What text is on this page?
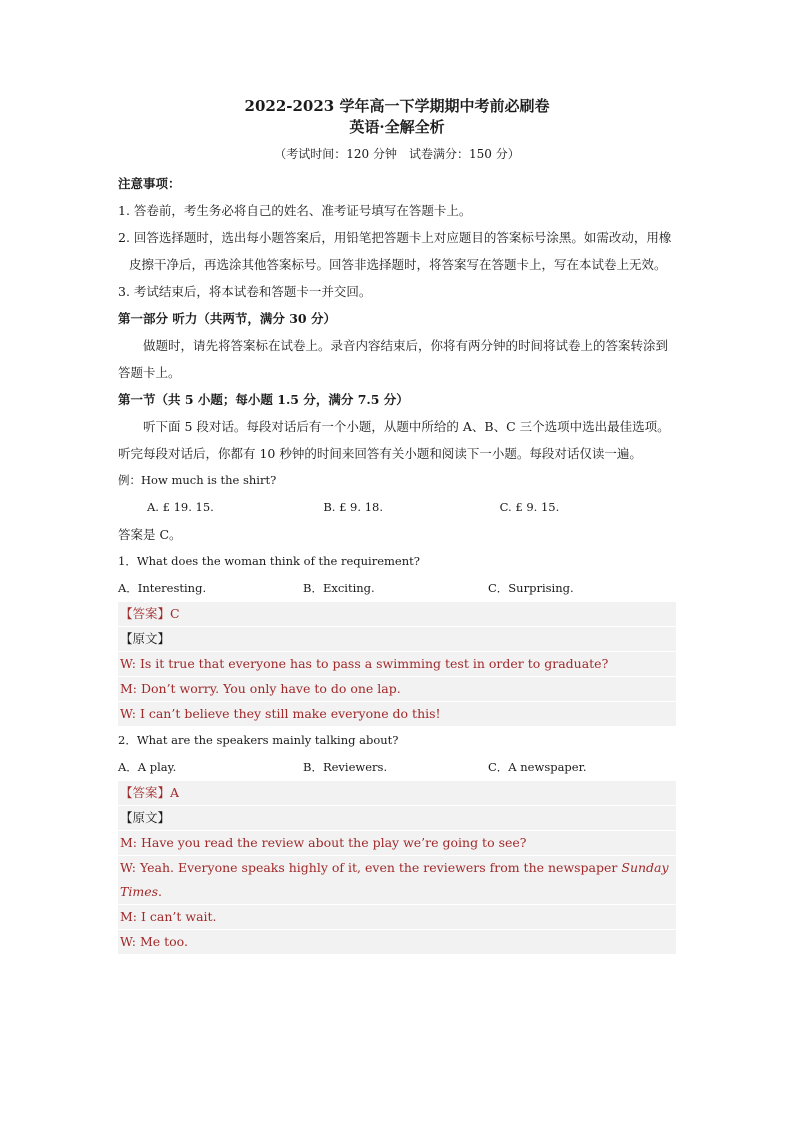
2022-2023 学年高一下学期期中考前必刷卷

英语·全解全析

（考试时间：120 分钟　试卷满分：150 分）

注意事项：

1. 答卷前，考生务必将自己的姓名、准考证号填写在答题卡上。

2. 回答选择题时，选出每小题答案后，用铅笔把答题卡上对应题目的答案标号涂黑。如需改动，用橡皮擦干净后，再选涂其他答案标号。回答非选择题时，将答案写在答题卡上，写在本试卷上无效。

3. 考试结束后，将本试卷和答题卡一并交回。

第一部分 听力（共两节，满分 30 分）

做题时，请先将答案标在试卷上。录音内容结束后，你将有两分钟的时间将试卷上的答案转涂到答题卡上。

第一节（共 5 小题；每小题 1.5 分，满分 7.5 分）

听下面 5 段对话。每段对话后有一个小题，从题中所给的 A、B、C 三个选项中选出最佳选项。听完每段对话后，你都有 10 秒钟的时间来回答有关小题和阅读下一小题。每段对话仅读一遍。

例：How much is the shirt?

A. £ 19. 15.	B. £ 9. 18.	C. £ 9. 15.

答案是 C。

1．What does the woman think of the requirement?

A．Interesting.	B．Exciting.	C．Surprising.
【答案】C
【原文】
W: Is it true that everyone has to pass a swimming test in order to graduate?
M: Don’t worry. You only have to do one lap.
W: I can’t believe they still make everyone do this!

2．What are the speakers mainly talking about?

A．A play.	B．Reviewers.	C．A newspaper.
【答案】A
【原文】
M: Have you read the review about the play we’re going to see?
W: Yeah. Everyone speaks highly of it, even the reviewers from the newspaper Sunday Times.
M: I can’t wait.
W: Me too.
